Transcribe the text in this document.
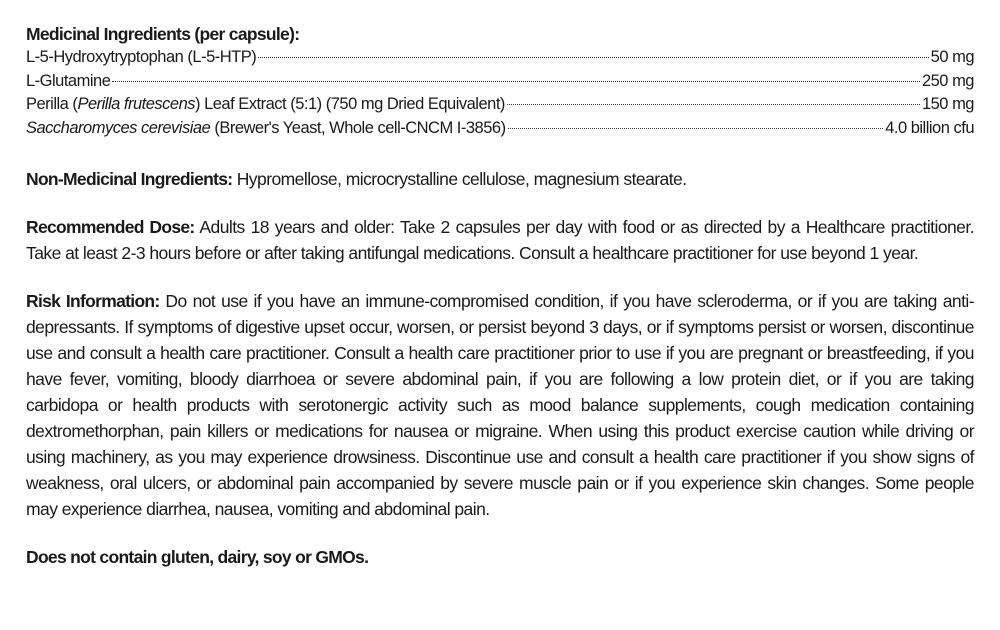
Medicinal Ingredients (per capsule):
L-5-Hydroxytryptophan (L-5-HTP)	50 mg
L-Glutamine	250 mg
Perilla (Perilla frutescens) Leaf Extract (5:1) (750 mg Dried Equivalent)	150 mg
Saccharomyces cerevisiae (Brewer's Yeast, Whole cell-CNCM I-3856)	4.0 billion cfu

Non-Medicinal Ingredients: Hypromellose, microcrystalline cellulose, magnesium stearate.

Recommended Dose: Adults 18 years and older: Take 2 capsules per day with food or as directed by a Healthcare practitioner. Take at least 2-3 hours before or after taking antifungal medications. Consult a healthcare practitioner for use beyond 1 year.

Risk Information: Do not use if you have an immune-compromised condition, if you have scleroderma, or if you are taking anti-depressants. If symptoms of digestive upset occur, worsen, or persist beyond 3 days, or if symptoms persist or worsen, discontinue use and consult a health care practitioner. Consult a health care practitioner prior to use if you are pregnant or breastfeeding, if you have fever, vomiting, bloody diarrhoea or severe abdominal pain, if you are following a low protein diet, or if you are taking carbidopa or health products with serotonergic activity such as mood balance supplements, cough medication containing dextromethorphan, pain killers or medications for nausea or migraine. When using this product exercise caution while driving or using machinery, as you may experience drowsiness. Discontinue use and consult a health care practitioner if you show signs of weakness, oral ulcers, or abdominal pain accompanied by severe muscle pain or if you experience skin changes. Some people may experience diarrhea, nausea, vomiting and abdominal pain.

Does not contain gluten, dairy, soy or GMOs.
